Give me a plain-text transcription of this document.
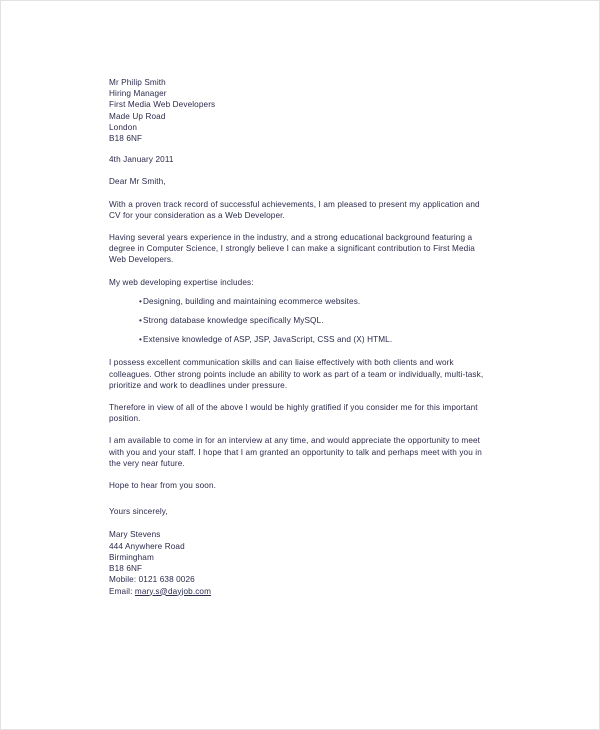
Mr Philip Smith
Hiring Manager
First Media Web Developers
Made Up Road
London
B18 6NF
4th January 2011
Dear Mr Smith,

With a proven track record of successful achievements, I am pleased to present my application and CV for your consideration as a Web Developer.

Having several years experience in the industry, and a strong educational background featuring a degree in Computer Science, I strongly believe I can make a significant contribution to First Media Web Developers.

My web developing expertise includes:
• Designing, building and maintaining ecommerce websites.
• Strong database knowledge specifically MySQL.
• Extensive knowledge of ASP, JSP, JavaScript, CSS and (X) HTML.

I possess excellent communication skills and can liaise effectively with both clients and work colleagues. Other strong points include an ability to work as part of a team or individually, multi-task, prioritize and work to deadlines under pressure.

Therefore in view of all of the above I would be highly gratified if you consider me for this important position.

I am available to come in for an interview at any time, and would appreciate the opportunity to meet with you and your staff. I hope that I am granted an opportunity to talk and perhaps meet with you in the very near future.

Hope to hear from you soon.

Yours sincerely,
Mary Stevens
444 Anywhere Road
Birmingham
B18 6NF
Mobile: 0121 638 0026
Email: mary.s@dayjob.com
